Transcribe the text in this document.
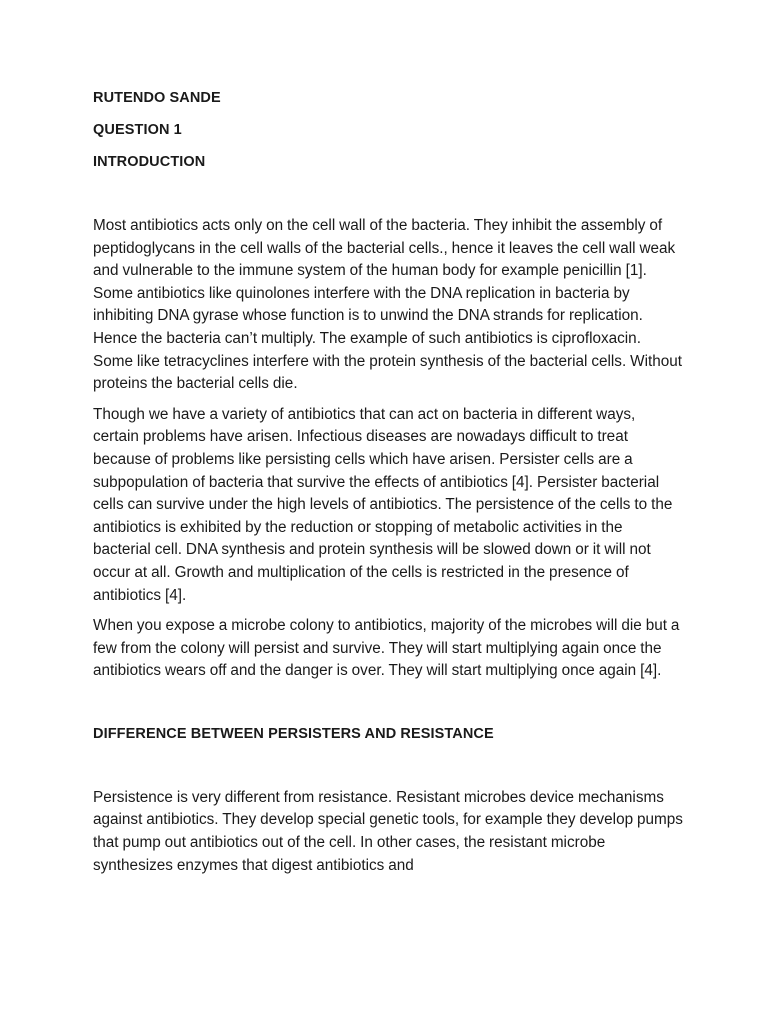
RUTENDO SANDE

QUESTION 1

INTRODUCTION

Most antibiotics acts only on the cell wall of the bacteria. They inhibit the assembly of peptidoglycans in the cell walls of the bacterial cells., hence it leaves the cell wall weak and vulnerable to the immune system of the human body for example penicillin [1]. Some antibiotics like quinolones interfere with the DNA replication in bacteria by inhibiting DNA gyrase whose function is to unwind the DNA strands for replication. Hence the bacteria can’t multiply. The example of such antibiotics is ciprofloxacin. Some like tetracyclines interfere with the protein synthesis of the bacterial cells. Without proteins the bacterial cells die.

Though we have a variety of antibiotics that can act on bacteria in different ways, certain problems have arisen. Infectious diseases are nowadays difficult to treat because of problems like persisting cells which have arisen. Persister cells are a subpopulation of bacteria that survive the effects of antibiotics [4]. Persister bacterial cells can survive under the high levels of antibiotics. The persistence of the cells to the antibiotics is exhibited by the reduction or stopping of metabolic activities in the bacterial cell. DNA synthesis and protein synthesis will be slowed down or it will not occur at all. Growth and multiplication of the cells is restricted in the presence of antibiotics [4].

When you expose a microbe colony to antibiotics, majority of the microbes will die but a few from the colony will persist and survive. They will start multiplying again once the antibiotics wears off and the danger is over. They will start multiplying once again [4].

DIFFERENCE BETWEEN PERSISTERS AND RESISTANCE

Persistence is very different from resistance. Resistant microbes device mechanisms against antibiotics. They develop special genetic tools, for example they develop pumps that pump out antibiotics out of the cell. In other cases, the resistant microbe synthesizes enzymes that digest antibiotics and
